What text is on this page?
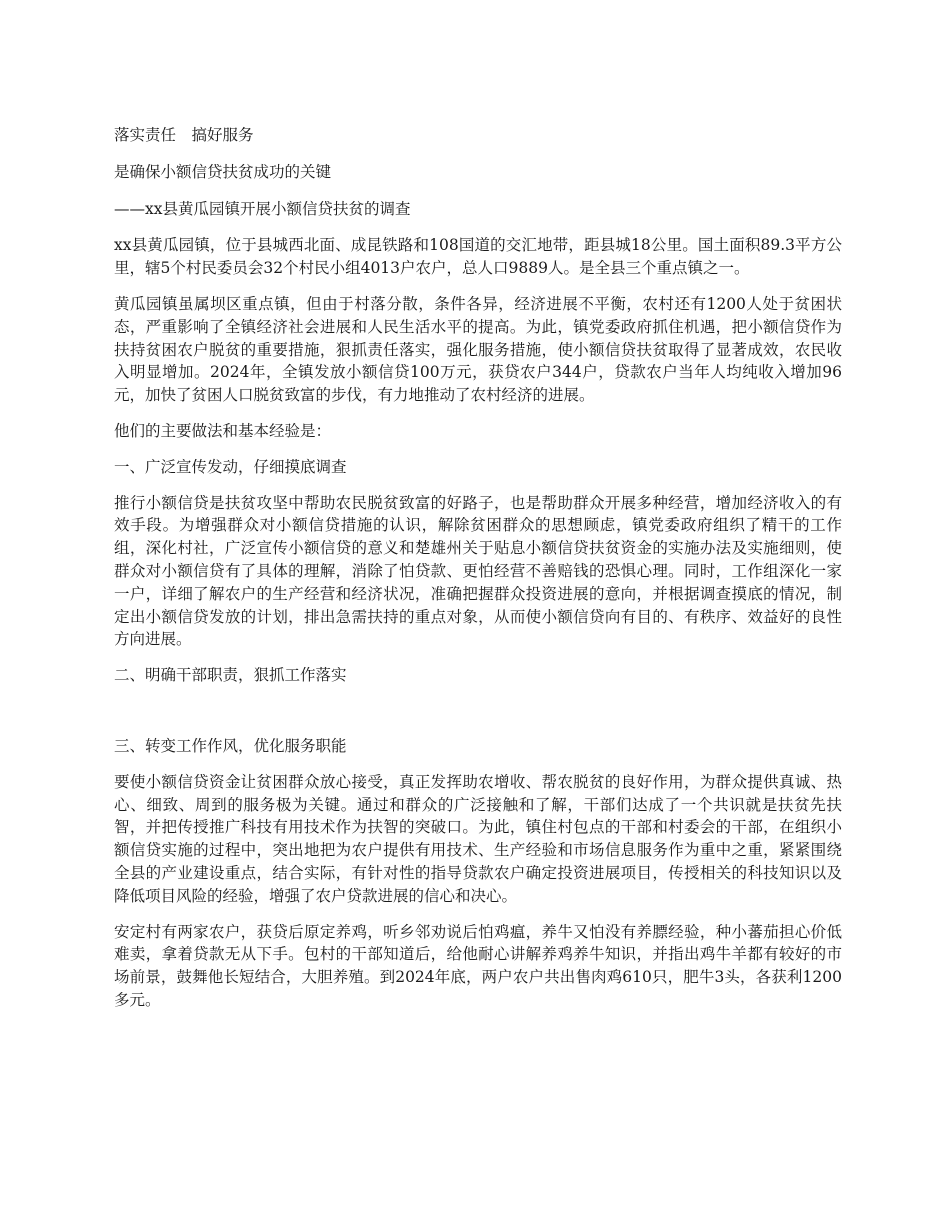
落实责任　搞好服务

是确保小额信贷扶贫成功的关键

——xx县黄瓜园镇开展小额信贷扶贫的调查

xx县黄瓜园镇，位于县城西北面、成昆铁路和108国道的交汇地带，距县城18公里。国土面积89.3平方公里，辖5个村民委员会32个村民小组4013户农户，总人口9889人。是全县三个重点镇之一。

黄瓜园镇虽属坝区重点镇，但由于村落分散，条件各异，经济进展不平衡，农村还有1200人处于贫困状态，严重影响了全镇经济社会进展和人民生活水平的提高。为此，镇党委政府抓住机遇，把小额信贷作为扶持贫困农户脱贫的重要措施，狠抓责任落实，强化服务措施，使小额信贷扶贫取得了显著成效，农民收入明显增加。2024年，全镇发放小额信贷100万元，获贷农户344户，贷款农户当年人均纯收入增加96元，加快了贫困人口脱贫致富的步伐，有力地推动了农村经济的进展。

他们的主要做法和基本经验是：

一、广泛宣传发动，仔细摸底调查

推行小额信贷是扶贫攻坚中帮助农民脱贫致富的好路子，也是帮助群众开展多种经营，增加经济收入的有效手段。为增强群众对小额信贷措施的认识，解除贫困群众的思想顾虑，镇党委政府组织了精干的工作组，深化村社，广泛宣传小额信贷的意义和楚雄州关于贴息小额信贷扶贫资金的实施办法及实施细则，使群众对小额信贷有了具体的理解，消除了怕贷款、更怕经营不善赔钱的恐惧心理。同时，工作组深化一家一户，详细了解农户的生产经营和经济状况，准确把握群众投资进展的意向，并根据调查摸底的情况，制定出小额信贷发放的计划，排出急需扶持的重点对象，从而使小额信贷向有目的、有秩序、效益好的良性方向进展。

二、明确干部职责，狠抓工作落实

三、转变工作作风，优化服务职能

要使小额信贷资金让贫困群众放心接受，真正发挥助农增收、帮农脱贫的良好作用，为群众提供真诚、热心、细致、周到的服务极为关键。通过和群众的广泛接触和了解，干部们达成了一个共识就是扶贫先扶智，并把传授推广科技有用技术作为扶智的突破口。为此，镇住村包点的干部和村委会的干部，在组织小额信贷实施的过程中，突出地把为农户提供有用技术、生产经验和市场信息服务作为重中之重，紧紧围绕全县的产业建设重点，结合实际，有针对性的指导贷款农户确定投资进展项目，传授相关的科技知识以及降低项目风险的经验，增强了农户贷款进展的信心和决心。

安定村有两家农户，获贷后原定养鸡，听乡邻劝说后怕鸡瘟，养牛又怕没有养膘经验，种小蕃茄担心价低难卖，拿着贷款无从下手。包村的干部知道后，给他耐心讲解养鸡养牛知识，并指出鸡牛羊都有较好的市场前景，鼓舞他长短结合，大胆养殖。到2024年底，两户农户共出售肉鸡610只，肥牛3头，各获利1200多元。
